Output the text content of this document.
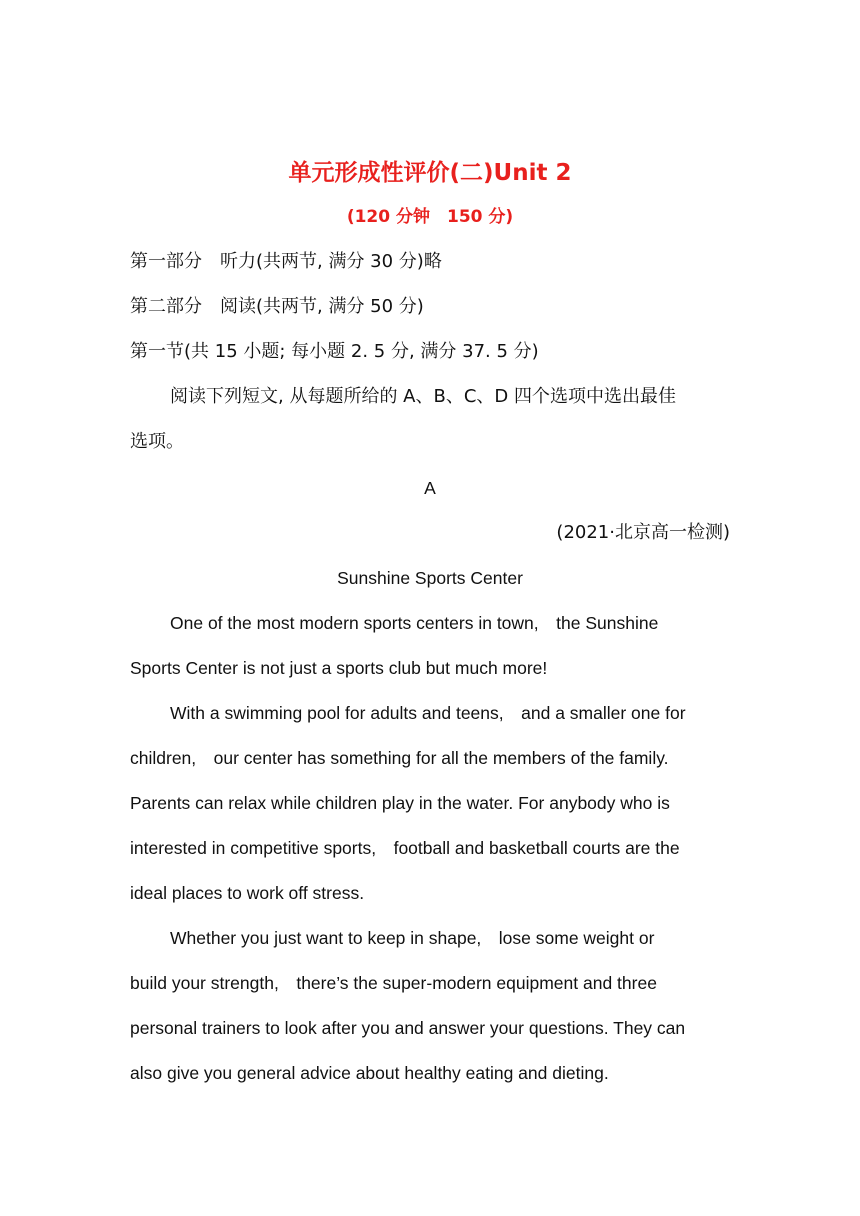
单元形成性评价(二)Unit 2
(120 分钟　150 分)
第一部分　听力(共两节, 满分 30 分)略
第二部分　阅读(共两节, 满分 50 分)
第一节(共 15 小题; 每小题 2. 5 分, 满分 37. 5 分)
阅读下列短文, 从每题所给的 A、B、C、D 四个选项中选出最佳
选项。
A
(2021·北京高一检测)
Sunshine Sports Center
One of the most modern sports centers in town,　the Sunshine
Sports Center is not just a sports club but much more!
With a swimming pool for adults and teens,　and a smaller one for
children,　our center has something for all the members of the family.
Parents can relax while children play in the water. For anybody who is
interested in competitive sports,　football and basketball courts are the
ideal places to work off stress.
Whether you just want to keep in shape,　lose some weight or
build your strength,　there’s the super-modern equipment and three
personal trainers to look after you and answer your questions. They can
also give you general advice about healthy eating and dieting.
